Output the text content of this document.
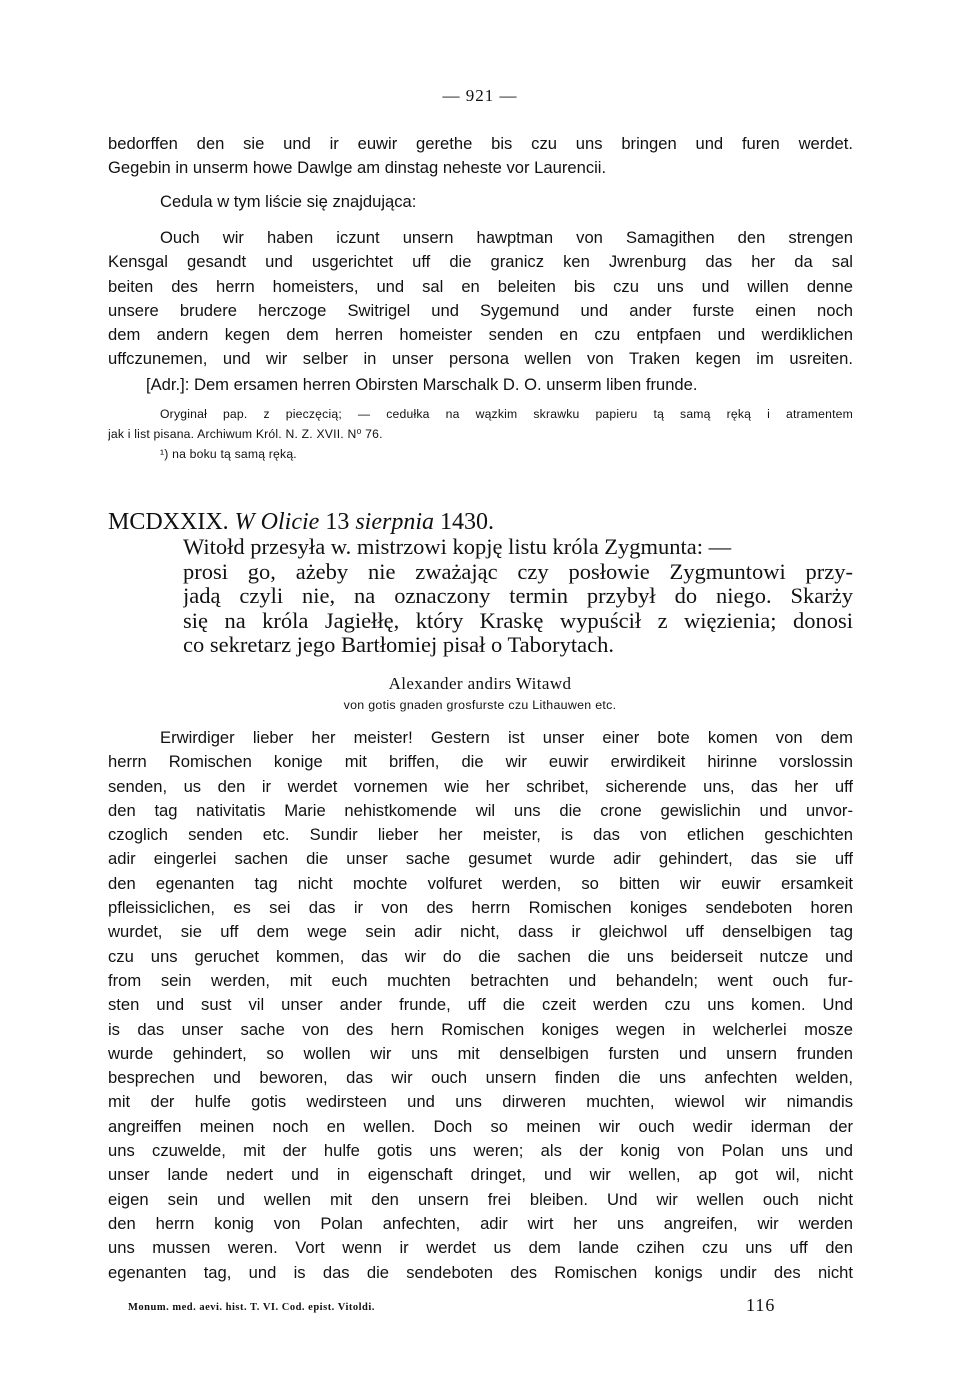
— 921 —
bedorffen den sie und ir euwir gerethe bis czu uns bringen und furen werdet.
Gegebin in unserm howe Dawlge am dinstag neheste vor Laurencii.
Cedula w tym liście się znajdująca:
Ouch wir haben iczunt unsern hawptman von Samagithen den strengen
Kensgal gesandt und usgerichtet uff die granicz ken Jwrenburg das her da sal
beiten des herrn homeisters, und sal en beleiten bis czu uns und willen denne
unsere brudere herczoge Switrigel und Sygemund und ander furste einen noch
dem andern kegen dem herren homeister senden en czu entpfaen und werdiklichen
uffczunemen, und wir selber in unser persona wellen von Traken kegen im usreiten.
[Adr.]: Dem ersamen herren Obirsten Marschalk D. O. unserm liben frunde.
Oryginał pap. z pieczęcią; — cedułka na wązkim skrawku papieru tą samą ręką i atramentem
jak i list pisana. Archiwum Król. N. Z. XVII. N⁰ 76.
¹) na boku tą samą ręką.
MCDXXIX. W Olicie 13 sierpnia 1430.
Witołd przesyła w. mistrzowi kopję listu króla Zygmunta: —
prosi go, ażeby nie zważając czy posłowie Zygmuntowi przy-
jadą czyli nie, na oznaczony termin przybył do niego. Skarży
się na króla Jagiełłę, który Kraskę wypuścił z więzienia; donosi
co sekretarz jego Bartłomiej pisał o Taborytach.
Alexander andirs Witawd
von gotis gnaden grosfurste czu Lithauwen etc.
Erwirdiger lieber her meister! Gestern ist unser einer bote komen von dem
herrn Romischen konige mit briffen, die wir euwir erwirdikeit hirinne vorslossin
senden, us den ir werdet vornemen wie her schribet, sicherende uns, das her uff
den tag nativitatis Marie nehistkomende wil uns die crone gewislichin und unvor-
czoglich senden etc. Sundir lieber her meister, is das von etlichen geschichten
adir eingerlei sachen die unser sache gesumet wurde adir gehindert, das sie uff
den egenanten tag nicht mochte volfuret werden, so bitten wir euwir ersamkeit
pfleissiclichen, es sei das ir von des herrn Romischen koniges sendeboten horen
wurdet, sie uff dem wege sein adir nicht, dass ir gleichwol uff denselbigen tag
czu uns geruchet kommen, das wir do die sachen die uns beiderseit nutcze und
from sein werden, mit euch muchten betrachten und behandeln; went ouch fur-
sten und sust vil unser ander frunde, uff die czeit werden czu uns komen. Und
is das unser sache von des hern Romischen koniges wegen in welcherlei mosze
wurde gehindert, so wollen wir uns mit denselbigen fursten und unsern frunden
besprechen und beworen, das wir ouch unsern finden die uns anfechten welden,
mit der hulfe gotis wedirsteen und uns dirweren muchten, wiewol wir nimandis
angreiffen meinen noch en wellen. Doch so meinen wir ouch wedir iderman der
uns czuwelde, mit der hulfe gotis uns weren; als der konig von Polan uns und
unser lande nedert und in eigenschaft dringet, und wir wellen, ap got wil, nicht
eigen sein und wellen mit den unsern frei bleiben. Und wir wellen ouch nicht
den herrn konig von Polan anfechten, adir wirt her uns angreifen, wir werden
uns mussen weren. Vort wenn ir werdet us dem lande czihen czu uns uff den
egenanten tag, und is das die sendeboten des Romischen konigs undir des nicht
Monum. med. aevi. hist. T. VI. Cod. epist. Vitoldi.	116
